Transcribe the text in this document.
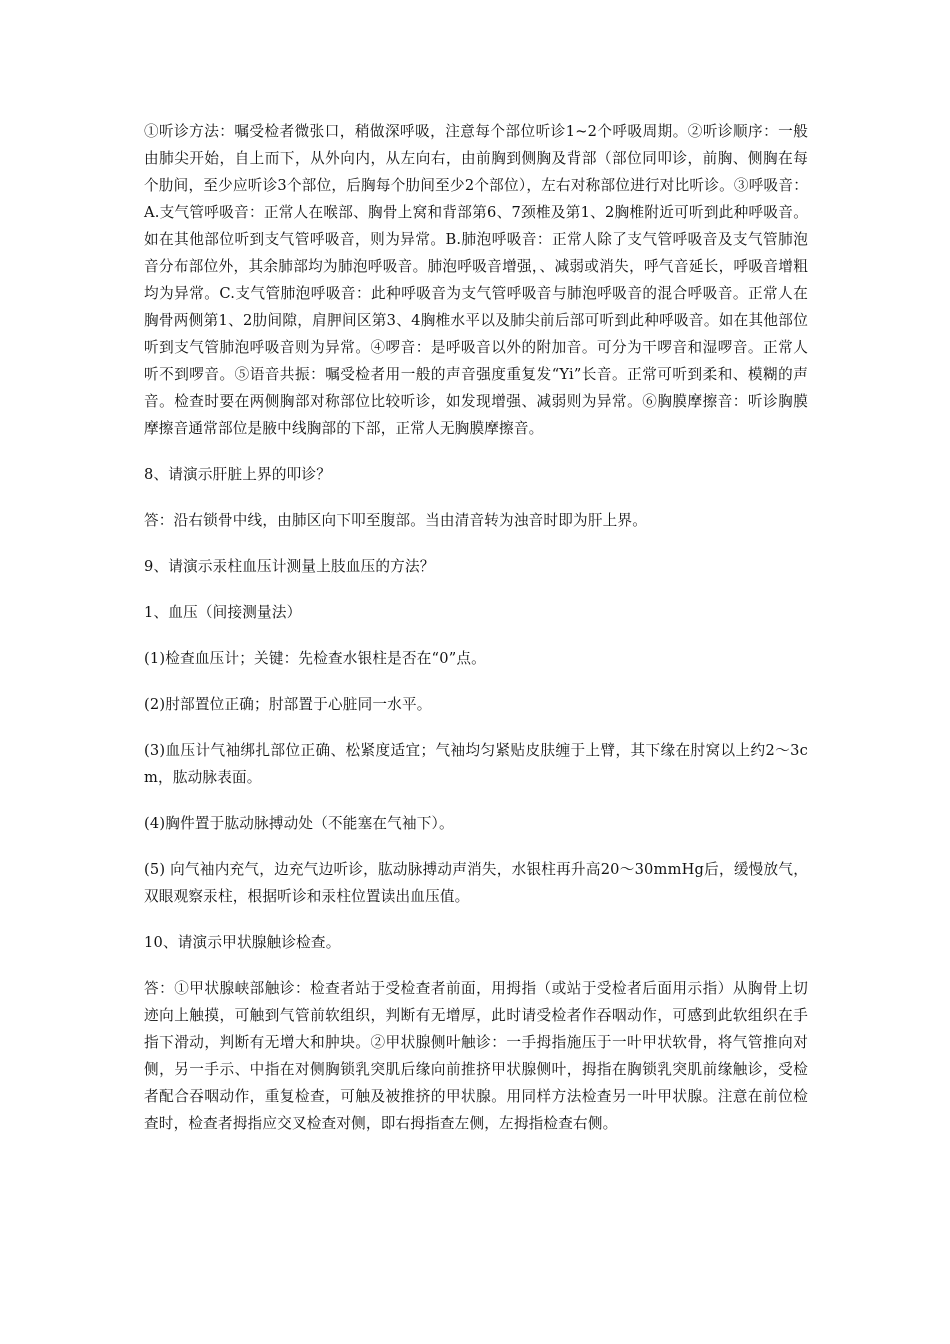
①听诊方法：嘱受检者微张口，稍做深呼吸，注意每个部位听诊1~2个呼吸周期。②听诊顺序：一般由肺尖开始，自上而下，从外向内，从左向右，由前胸到侧胸及背部（部位同叩诊，前胸、侧胸在每个肋间，至少应听诊3个部位，后胸每个肋间至少2个部位），左右对称部位进行对比听诊。③呼吸音：A.支气管呼吸音：正常人在喉部、胸骨上窝和背部第6、7颈椎及第1、2胸椎附近可听到此种呼吸音。如在其他部位听到支气管呼吸音，则为异常。B.肺泡呼吸音：正常人除了支气管呼吸音及支气管肺泡音分布部位外，其余肺部均为肺泡呼吸音。肺泡呼吸音增强，、减弱或消失，呼气音延长，呼吸音增粗均为异常。C.支气管肺泡呼吸音：此种呼吸音为支气管呼吸音与肺泡呼吸音的混合呼吸音。正常人在胸骨两侧第1、2肋间隙，肩胛间区第3、4胸椎水平以及肺尖前后部可听到此种呼吸音。如在其他部位听到支气管肺泡呼吸音则为异常。④啰音：是呼吸音以外的附加音。可分为干啰音和湿啰音。正常人听不到啰音。⑤语音共振：嘱受检者用一般的声音强度重复发“Yi”长音。正常可听到柔和、模糊的声音。检查时要在两侧胸部对称部位比较听诊，如发现增强、减弱则为异常。⑥胸膜摩擦音：听诊胸膜摩擦音通常部位是腋中线胸部的下部，正常人无胸膜摩擦音。

8、请演示肝脏上界的叩诊？

答：沿右锁骨中线，由肺区向下叩至腹部。当由清音转为浊音时即为肝上界。

9、请演示汞柱血压计测量上肢血压的方法？

1、血压（间接测量法）

(1)检查血压计；关键：先检查水银柱是否在“0”点。

(2)肘部置位正确；肘部置于心脏同一水平。

(3)血压计气袖绑扎部位正确、松紧度适宜；气袖均匀紧贴皮肤缠于上臂，其下缘在肘窝以上约2～3cm，肱动脉表面。

(4)胸件置于肱动脉搏动处（不能塞在气袖下）。

(5) 向气袖内充气，边充气边听诊，肱动脉搏动声消失，水银柱再升高20～30mmHg后，缓慢放气，双眼观察汞柱，根据听诊和汞柱位置读出血压值。

10、请演示甲状腺触诊检查。

答：①甲状腺峡部触诊：检查者站于受检查者前面，用拇指（或站于受检者后面用示指）从胸骨上切迹向上触摸，可触到气管前软组织，判断有无增厚，此时请受检者作吞咽动作，可感到此软组织在手指下滑动，判断有无增大和肿块。②甲状腺侧叶触诊：一手拇指施压于一叶甲状软骨，将气管推向对侧，另一手示、中指在对侧胸锁乳突肌后缘向前推挤甲状腺侧叶，拇指在胸锁乳突肌前缘触诊，受检者配合吞咽动作，重复检查，可触及被推挤的甲状腺。用同样方法检查另一叶甲状腺。注意在前位检查时，检查者拇指应交叉检查对侧，即右拇指查左侧，左拇指检查右侧。
